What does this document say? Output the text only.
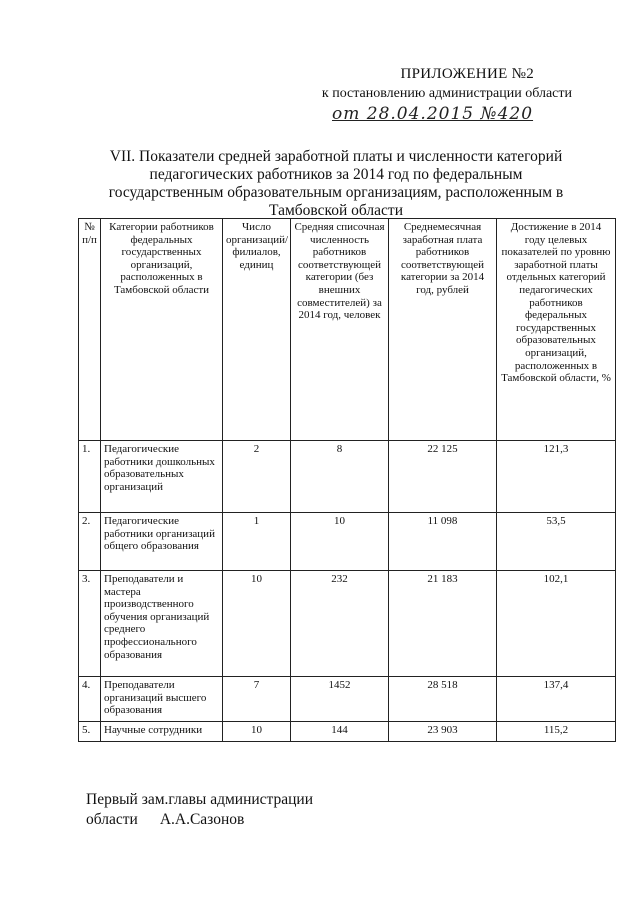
ПРИЛОЖЕНИЕ №2
к постановлению администрации области
от 28.04.2015 №420
VII. Показатели средней заработной платы и численности категорий педагогических работников за 2014 год по федеральным государственным образовательным организациям, расположенным в Тамбовской области
№ п/п	Категории работников федеральных государственных организаций, расположенных в Тамбовской области	Число организаций/ филиалов, единиц	Средняя списочная численность работников соответствующей категории (без внешних совместителей) за 2014 год, человек	Среднемесячная заработная плата работников соответствующей категории за 2014 год, рублей	Достижение в 2014 году целевых показателей по уровню заработной платы отдельных категорий педагогических работников федеральных государственных образовательных организаций, расположенных в Тамбовской области, %
1.	Педагогические работники дошкольных образовательных организаций	2	8	22 125	121,3
2.	Педагогические работники организаций общего образования	1	10	11 098	53,5
3.	Преподаватели и мастера производственного обучения организаций среднего профессионального образования	10	232	21 183	102,1
4.	Преподаватели организаций высшего образования	7	1452	28 518	137,4
5.	Научные сотрудники	10	144	23 903	115,2
Первый зам.главы администрации
области А.А.Сазонов
